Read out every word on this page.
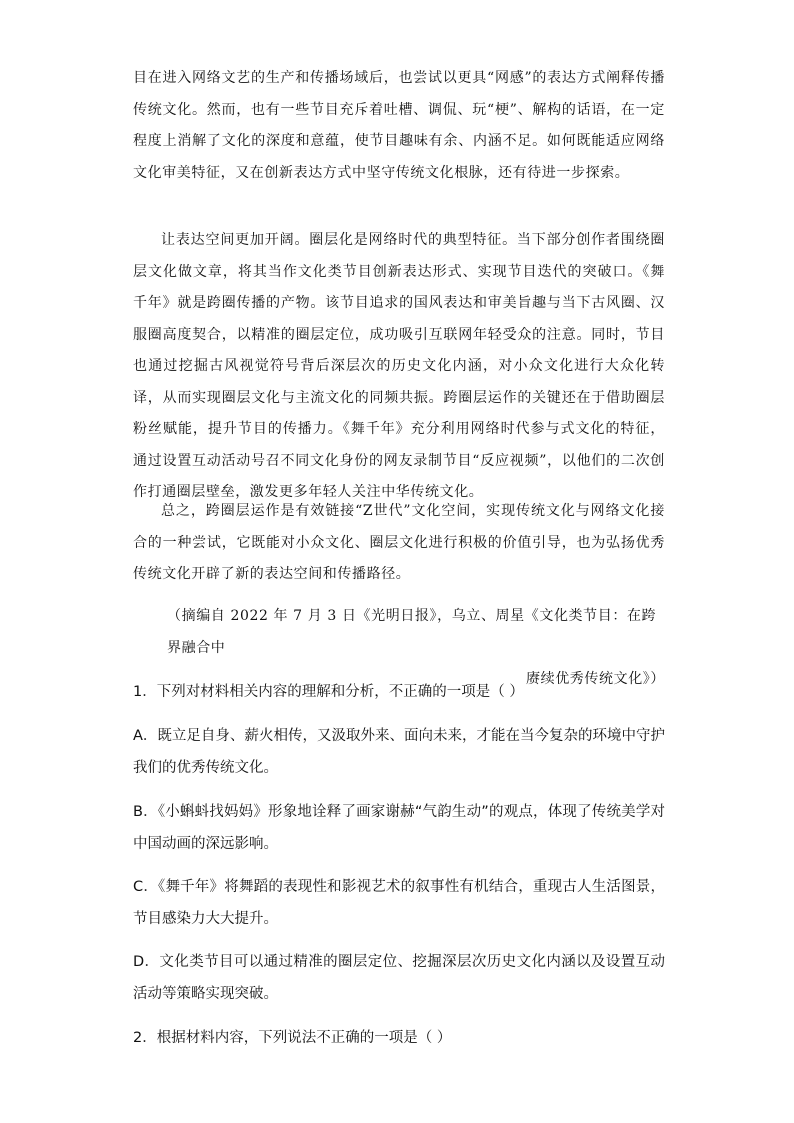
目在进入网络文艺的生产和传播场域后，也尝试以更具“网感”的表达方式阐释传播传统文化。然而，也有一些节目充斥着吐槽、调侃、玩“梗”、解构的话语，在一定程度上消解了文化的深度和意蕴，使节目趣味有余、内涵不足。如何既能适应网络文化审美特征，又在创新表达方式中坚守传统文化根脉，还有待进一步探索。

让表达空间更加开阔。圈层化是网络时代的典型特征。当下部分创作者围绕圈层文化做文章，将其当作文化类节目创新表达形式、实现节目迭代的突破口。《舞千年》就是跨圈传播的产物。该节目追求的国风表达和审美旨趣与当下古风圈、汉服圈高度契合，以精准的圈层定位，成功吸引互联网年轻受众的注意。同时，节目也通过挖掘古风视觉符号背后深层次的历史文化内涵，对小众文化进行大众化转译，从而实现圈层文化与主流文化的同频共振。跨圈层运作的关键还在于借助圈层粉丝赋能，提升节目的传播力。《舞千年》充分利用网络时代参与式文化的特征，通过设置互动活动号召不同文化身份的网友录制节目“反应视频”，以他们的二次创作打通圈层壁垒，激发更多年轻人关注中华传统文化。

总之，跨圈层运作是有效链接“Z世代”文化空间，实现传统文化与网络文化接合的一种尝试，它既能对小众文化、圈层文化进行积极的价值引导，也为弘扬优秀传统文化开辟了新的表达空间和传播路径。

（摘编自 2022 年 7 月 3 日《光明日报》，乌立、周星《文化类节目：在跨界融合中
赓续优秀传统文化》）

1．下列对材料相关内容的理解和分析，不正确的一项是（ ）

A．既立足自身、薪火相传，又汲取外来、面向未来，才能在当今复杂的环境中守护我们的优秀传统文化。

B．《小蝌蚪找妈妈》形象地诠释了画家谢赫“气韵生动”的观点，体现了传统美学对中国动画的深远影响。

C．《舞千年》将舞蹈的表现性和影视艺术的叙事性有机结合，重现古人生活图景，节目感染力大大提升。

D．文化类节目可以通过精准的圈层定位、挖掘深层次历史文化内涵以及设置互动活动等策略实现突破。

2．根据材料内容，下列说法不正确的一项是（ ）
